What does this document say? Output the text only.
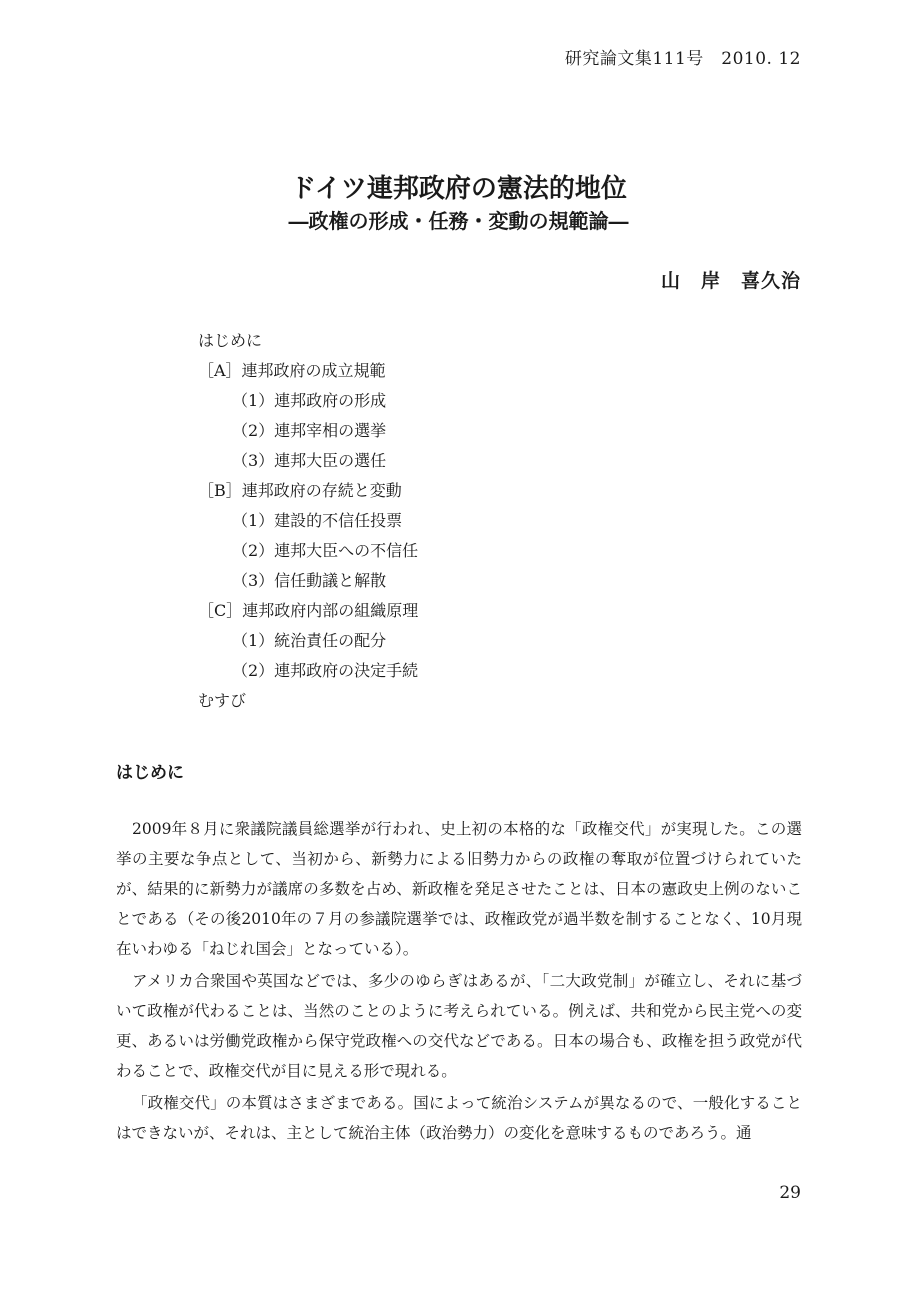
研究論文集111号　2010. 12
ドイツ連邦政府の憲法的地位
―政権の形成・任務・変動の規範論―
山　岸　喜久治
はじめに
［A］連邦政府の成立規範
（1）連邦政府の形成
（2）連邦宰相の選挙
（3）連邦大臣の選任
［B］連邦政府の存続と変動
（1）建設的不信任投票
（2）連邦大臣への不信任
（3）信任動議と解散
［C］連邦政府内部の組織原理
（1）統治責任の配分
（2）連邦政府の決定手続
むすび
はじめに

2009年８月に衆議院議員総選挙が行われ、史上初の本格的な「政権交代」が実現した。この選挙の主要な争点として、当初から、新勢力による旧勢力からの政権の奪取が位置づけられていたが、結果的に新勢力が議席の多数を占め、新政権を発足させたことは、日本の憲政史上例のないことである（その後2010年の７月の参議院選挙では、政権政党が過半数を制することなく、10月現在いわゆる「ねじれ国会」となっている）。

アメリカ合衆国や英国などでは、多少のゆらぎはあるが、「二大政党制」が確立し、それに基づいて政権が代わることは、当然のことのように考えられている。例えば、共和党から民主党への変更、あるいは労働党政権から保守党政権への交代などである。日本の場合も、政権を担う政党が代わることで、政権交代が目に見える形で現れる。

「政権交代」の本質はさまざまである。国によって統治システムが異なるので、一般化することはできないが、それは、主として統治主体（政治勢力）の変化を意味するものであろう。通

29
